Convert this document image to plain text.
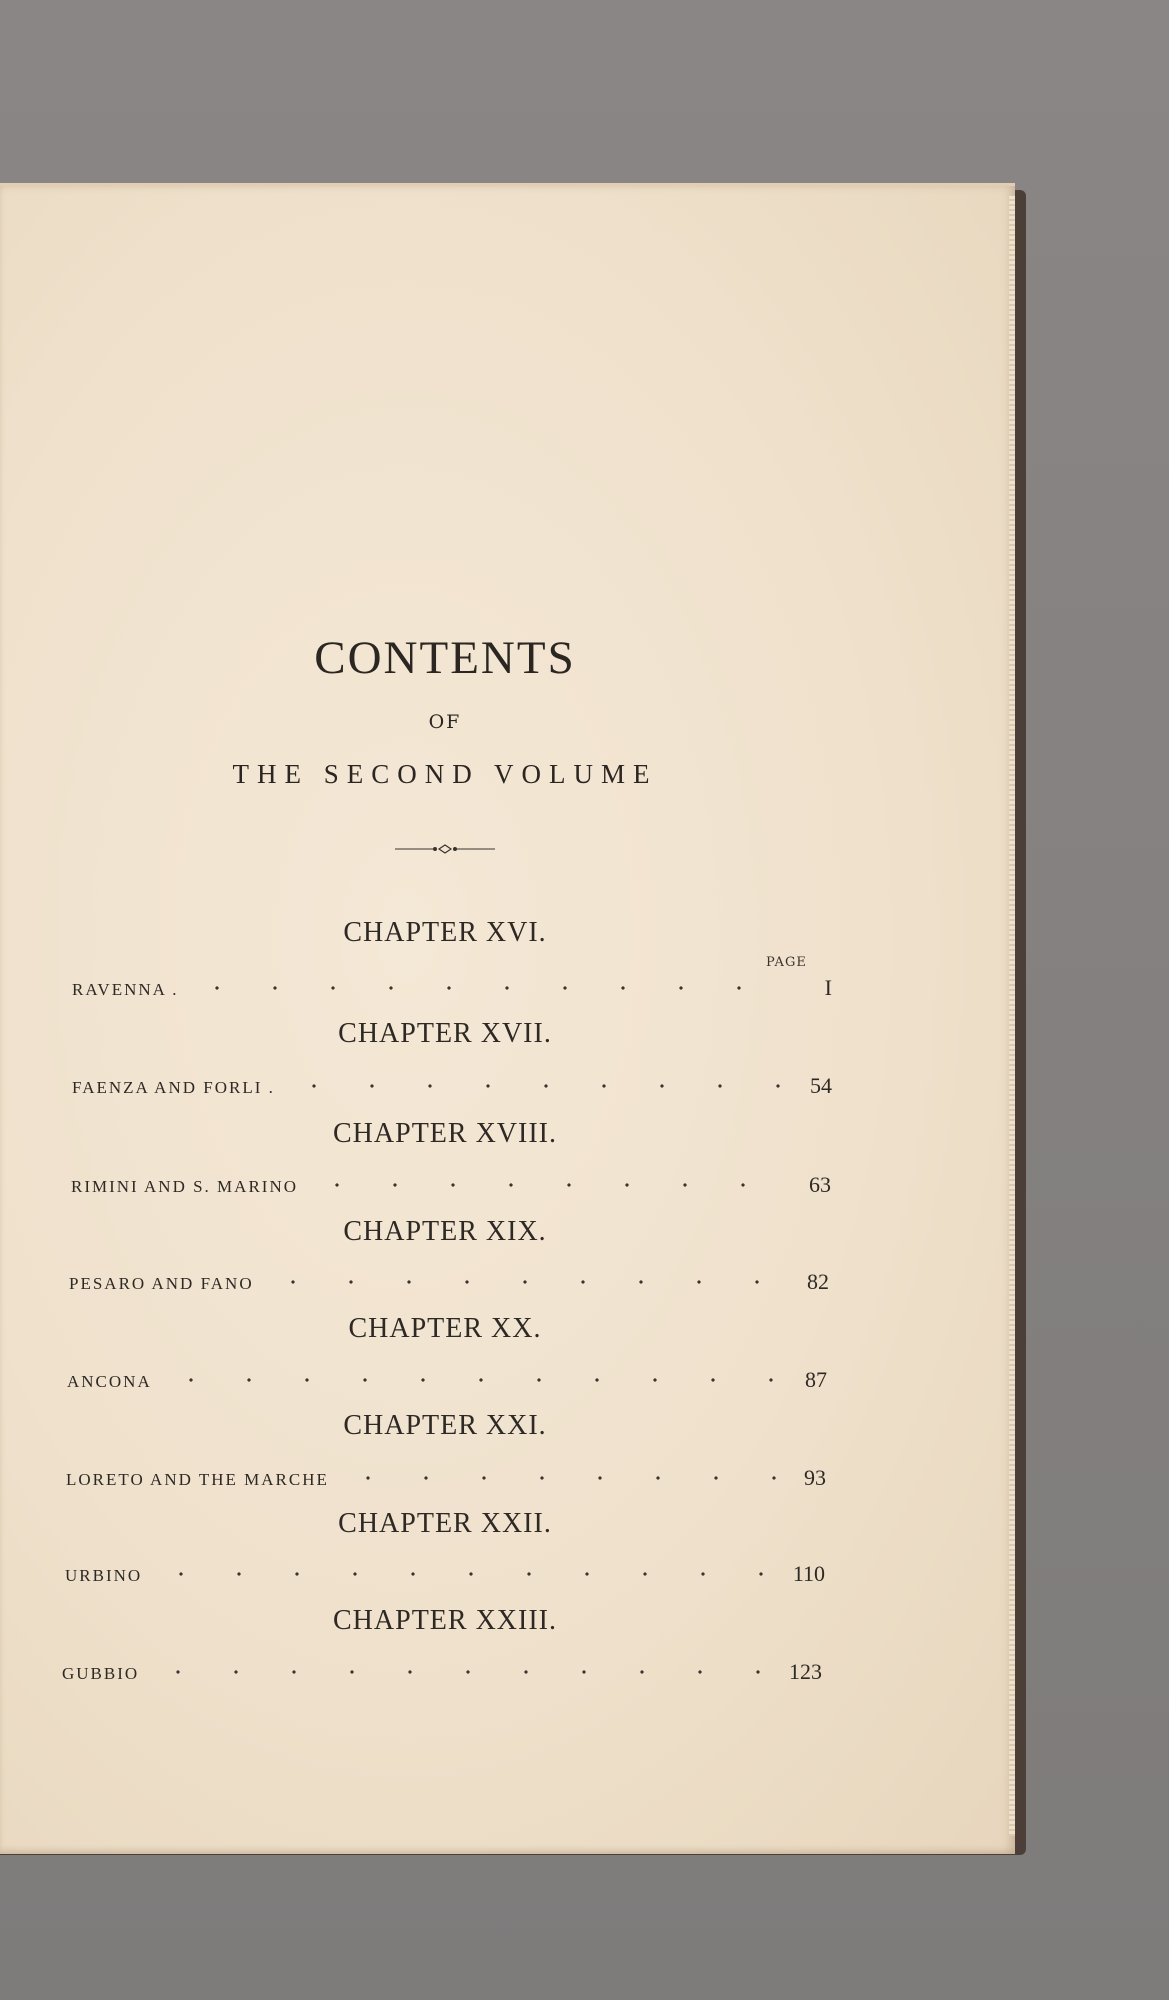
CONTENTS
OF
THE SECOND VOLUME
CHAPTER XVI.
PAGE
RAVENNA .	I
CHAPTER XVII.
FAENZA AND FORLI .	54
CHAPTER XVIII.
RIMINI AND S. MARINO	63
CHAPTER XIX.
PESARO AND FANO	82
CHAPTER XX.
ANCONA	87
CHAPTER XXI.
LORETO AND THE MARCHE	93
CHAPTER XXII.
URBINO	110
CHAPTER XXIII.
GUBBIO	123
